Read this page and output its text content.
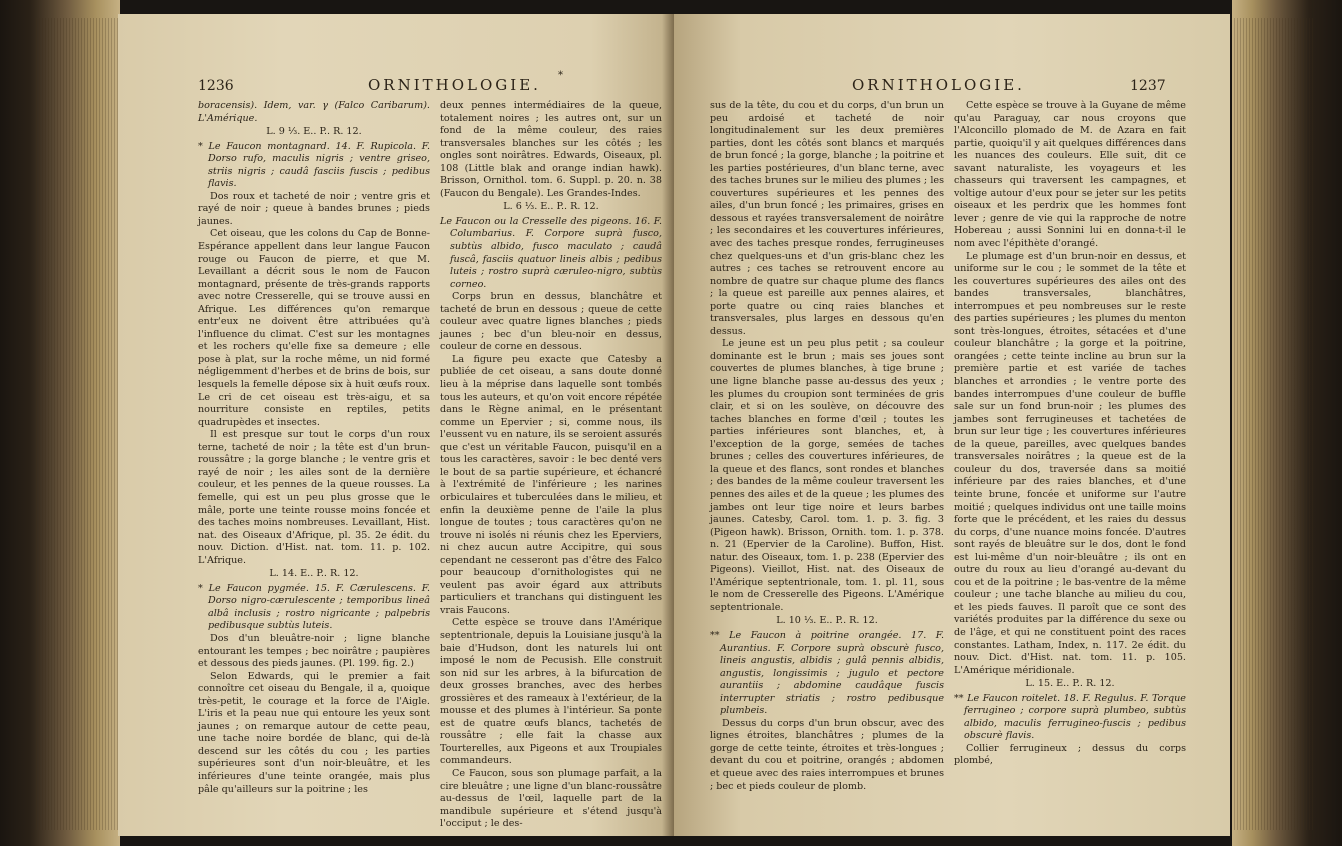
1236	ORNITHOLOGIE.
*

boracensis). Idem, var. γ (Falco Caribarum). L'Amérique.

L. 9 ⅓. E.. P.. R. 12.

* Le Faucon montagnard. 14. F. Rupicola. F. Dorso rufo, maculis nigris ; ventre griseo, striis nigris ; caudâ fasciis fuscis ; pedibus flavis.

Dos roux et tacheté de noir ; ventre gris et rayé de noir ; queue à bandes brunes ; pieds jaunes.

Cet oiseau, que les colons du Cap de Bonne-Espérance appellent dans leur langue Faucon rouge ou Faucon de pierre, et que M. Levaillant a décrit sous le nom de Faucon montagnard, présente de très-grands rapports avec notre Cresserelle, qui se trouve aussi en Afrique. Les différences qu'on remarque entr'eux ne doivent être attribuées qu'à l'influence du climat. C'est sur les montagnes et les rochers qu'elle fixe sa demeure ; elle pose à plat, sur la roche même, un nid formé négligemment d'herbes et de brins de bois, sur lesquels la femelle dépose six à huit œufs roux. Le cri de cet oiseau est très-aigu, et sa nourriture consiste en reptiles, petits quadrupèdes et insectes.

Il est presque sur tout le corps d'un roux terne, tacheté de noir ; la tête est d'un brun-roussâtre ; la gorge blanche ; le ventre gris et rayé de noir ; les ailes sont de la dernière couleur, et les pennes de la queue rousses. La femelle, qui est un peu plus grosse que le mâle, porte une teinte rousse moins foncée et des taches moins nombreuses. Levaillant, Hist. nat. des Oiseaux d'Afrique, pl. 35. 2e édit. du nouv. Diction. d'Hist. nat. tom. 11. p. 102. L'Afrique.

L. 14. E.. P.. R. 12.

* Le Faucon pygmée. 15. F. Cærulescens. F. Dorso nigro-cærulescente ; temporibus lineâ albâ inclusis ; rostro nigricante ; palpebris pedibusque subtùs luteis.

Dos d'un bleuâtre-noir ; ligne blanche entourant les tempes ; bec noirâtre ; paupières et dessous des pieds jaunes. (Pl. 199. fig. 2.)

Selon Edwards, qui le premier a fait connoître cet oiseau du Bengale, il a, quoique très-petit, le courage et la force de l'Aigle. L'iris et la peau nue qui entoure les yeux sont jaunes ; on remarque autour de cette peau, une tache noire bordée de blanc, qui de-là descend sur les côtés du cou ; les parties supérieures sont d'un noir-bleuâtre, et les inférieures d'une teinte orangée, mais plus pâle qu'ailleurs sur la poitrine ; les

deux pennes intermédiaires de la queue, totalement noires ; les autres ont, sur un fond de la même couleur, des raies transversales blanches sur les côtés ; les ongles sont noirâtres. Edwards, Oiseaux, pl. 108 (Little blak and orange indian hawk). Brisson, Ornithol. tom. 6. Suppl. p. 20. n. 38 (Faucon du Bengale). Les Grandes-Indes.

L. 6 ⅓. E.. P.. R. 12.

Le Faucon ou la Cresselle des pigeons. 16. F. Columbarius. F. Corpore suprà fusco, subtùs albido, fusco maculato ; caudâ fuscâ, fasciis quatuor lineis albis ; pedibus luteis ; rostro suprà cæruleo-nigro, subtùs corneo.

Corps brun en dessus, blanchâtre et tacheté de brun en dessous ; queue de cette couleur avec quatre lignes blanches ; pieds jaunes ; bec d'un bleu-noir en dessus, couleur de corne en dessous.

La figure peu exacte que Catesby a publiée de cet oiseau, a sans doute donné lieu à la méprise dans laquelle sont tombés tous les auteurs, et qu'on voit encore répétée dans le Règne animal, en le présentant comme un Epervier ; si, comme nous, ils l'eussent vu en nature, ils se seroient assurés que c'est un véritable Faucon, puisqu'il en a tous les caractères, savoir : le bec denté vers le bout de sa partie supérieure, et échancré à l'extrémité de l'inférieure ; les narines orbiculaires et tuberculées dans le milieu, et enfin la deuxième penne de l'aile la plus longue de toutes ; tous caractères qu'on ne trouve ni isolés ni réunis chez les Eperviers, ni chez aucun autre Accipitre, qui sous cependant ne cesseront pas d'être des Falco pour beaucoup d'ornithologistes qui ne veulent pas avoir égard aux attributs particuliers et tranchans qui distinguent les vrais Faucons.

Cette espèce se trouve dans l'Amérique septentrionale, depuis la Louisiane jusqu'à la baie d'Hudson, dont les naturels lui ont imposé le nom de Pecusish. Elle construit son nid sur les arbres, à la bifurcation de deux grosses branches, avec des herbes grossières et des rameaux à l'extérieur, de la mousse et des plumes à l'intérieur. Sa ponte est de quatre œufs blancs, tachetés de roussâtre ; elle fait la chasse aux Tourterelles, aux Pigeons et aux Troupiales commandeurs.

Ce Faucon, sous son plumage parfait, a la cire bleuâtre ; une ligne d'un blanc-roussâtre au-dessus de l'œil, laquelle part de la mandibule supérieure et s'étend jusqu'à l'occiput ; le des-

ORNITHOLOGIE.	1237

sus de la tête, du cou et du corps, d'un brun un peu ardoisé et tacheté de noir longitudinalement sur les deux premières parties, dont les côtés sont blancs et marqués de brun foncé ; la gorge, blanche ; la poitrine et les parties postérieures, d'un blanc terne, avec des taches brunes sur le milieu des plumes ; les couvertures supérieures et les pennes des ailes, d'un brun foncé ; les primaires, grises en dessous et rayées transversalement de noirâtre ; les secondaires et les couvertures inférieures, avec des taches presque rondes, ferrugineuses chez quelques-uns et d'un gris-blanc chez les autres ; ces taches se retrouvent encore au nombre de quatre sur chaque plume des flancs ; la queue est pareille aux pennes alaires, et porte quatre ou cinq raies blanches et transversales, plus larges en dessous qu'en dessus.

Le jeune est un peu plus petit ; sa couleur dominante est le brun ; mais ses joues sont couvertes de plumes blanches, à tige brune ; une ligne blanche passe au-dessus des yeux ; les plumes du croupion sont terminées de gris clair, et si on les soulève, on découvre des taches blanches en forme d'œil ; toutes les parties inférieures sont blanches, et, à l'exception de la gorge, semées de taches brunes ; celles des couvertures inférieures, de la queue et des flancs, sont rondes et blanches ; des bandes de la même couleur traversent les pennes des ailes et de la queue ; les plumes des jambes ont leur tige noire et leurs barbes jaunes. Catesby, Carol. tom. 1. p. 3. fig. 3 (Pigeon hawk). Brisson, Ornith. tom. 1. p. 378. n. 21 (Epervier de la Caroline). Buffon, Hist. natur. des Oiseaux, tom. 1. p. 238 (Epervier des Pigeons). Vieillot, Hist. nat. des Oiseaux de l'Amérique septentrionale, tom. 1. pl. 11, sous le nom de Cresserelle des Pigeons. L'Amérique septentrionale.

L. 10 ⅓. E.. P.. R. 12.

** Le Faucon à poitrine orangée. 17. F. Aurantius. F. Corpore suprà obscurè fusco, lineis angustis, albidis ; gulâ pennis albidis, angustis, longissimis ; jugulo et pectore aurantiis ; abdomine caudâque fuscis interrupter striatis ; rostro pedibusque plumbeis.

Dessus du corps d'un brun obscur, avec des lignes étroites, blanchâtres ; plumes de la gorge de cette teinte, étroites et très-longues ; devant du cou et poitrine, orangés ; abdomen et queue avec des raies interrompues et brunes ; bec et pieds couleur de plomb.

Cette espèce se trouve à la Guyane de même qu'au Paraguay, car nous croyons que l'Alconcillo plomado de M. de Azara en fait partie, quoiqu'il y ait quelques différences dans les nuances des couleurs. Elle suit, dit ce savant naturaliste, les voyageurs et les chasseurs qui traversent les campagnes, et voltige autour d'eux pour se jeter sur les petits oiseaux et les perdrix que les hommes font lever ; genre de vie qui la rapproche de notre Hobereau ; aussi Sonnini lui en donna-t-il le nom avec l'épithète d'orangé.

Le plumage est d'un brun-noir en dessus, et uniforme sur le cou ; le sommet de la tête et les couvertures supérieures des ailes ont des bandes transversales, blanchâtres, interrompues et peu nombreuses sur le reste des parties supérieures ; les plumes du menton sont très-longues, étroites, sétacées et d'une couleur blanchâtre ; la gorge et la poitrine, orangées ; cette teinte incline au brun sur la première partie et est variée de taches blanches et arrondies ; le ventre porte des bandes interrompues d'une couleur de buffle sale sur un fond brun-noir ; les plumes des jambes sont ferrugineuses et tachetées de brun sur leur tige ; les couvertures inférieures de la queue, pareilles, avec quelques bandes transversales noirâtres ; la queue est de la couleur du dos, traversée dans sa moitié inférieure par des raies blanches, et d'une teinte brune, foncée et uniforme sur l'autre moitié ; quelques individus ont une taille moins forte que le précédent, et les raies du dessus du corps, d'une nuance moins foncée. D'autres sont rayés de bleuâtre sur le dos, dont le fond est lui-même d'un noir-bleuâtre ; ils ont en outre du roux au lieu d'orangé au-devant du cou et de la poitrine ; le bas-ventre de la même couleur ; une tache blanche au milieu du cou, et les pieds fauves. Il paroît que ce sont des variétés produites par la différence du sexe ou de l'âge, et qui ne constituent point des races constantes. Latham, Index, n. 117. 2e édit. du nouv. Dict. d'Hist. nat. tom. 11. p. 105. L'Amérique méridionale.

L. 15. E.. P.. R. 12.

** Le Faucon roitelet. 18. F. Regulus. F. Torque ferrugineo ; corpore suprà plumbeo, subtùs albido, maculis ferrugineo-fuscis ; pedibus obscurè flavis.

Collier ferrugineux ; dessus du corps plombé,
